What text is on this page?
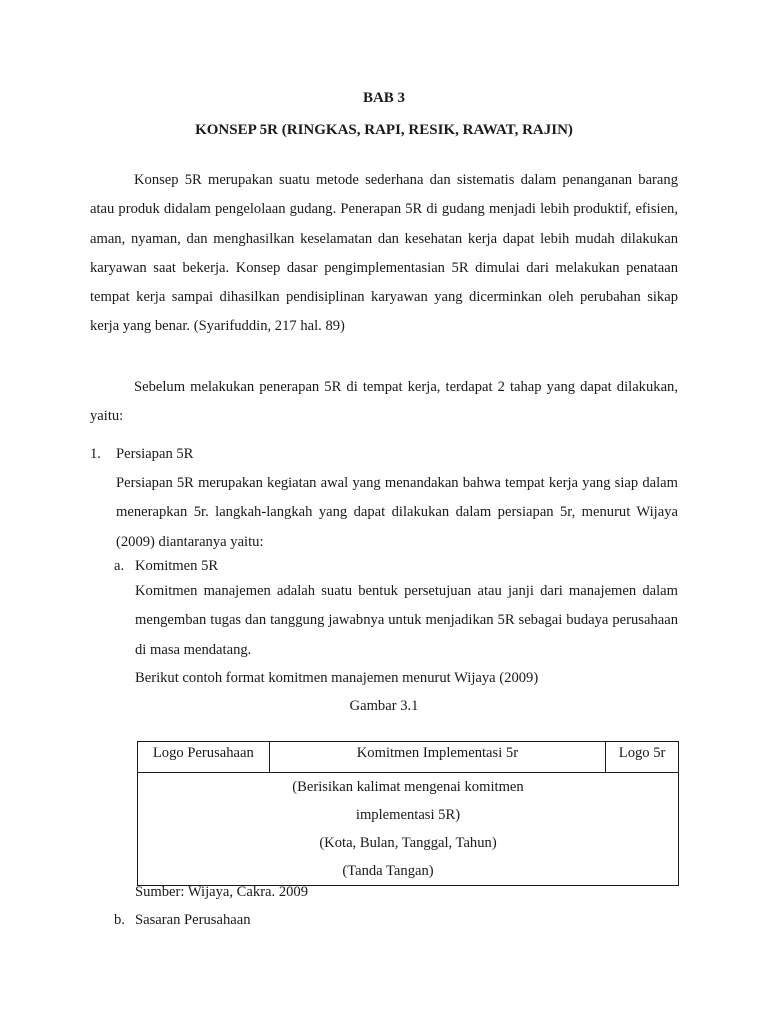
BAB 3
KONSEP 5R (RINGKAS, RAPI, RESIK, RAWAT, RAJIN)

Konsep 5R merupakan suatu metode sederhana dan sistematis dalam penanganan barang atau produk didalam pengelolaan gudang. Penerapan 5R di gudang menjadi lebih produktif, efisien, aman, nyaman, dan menghasilkan keselamatan dan kesehatan kerja dapat lebih mudah dilakukan karyawan saat bekerja. Konsep dasar pengimplementasian 5R dimulai dari melakukan penataan tempat kerja sampai dihasilkan pendisiplinan karyawan yang dicerminkan oleh perubahan sikap kerja yang benar. (Syarifuddin, 217 hal. 89)

Sebelum melakukan penerapan 5R di tempat kerja, terdapat 2 tahap yang dapat dilakukan, yaitu:

1. Persiapan 5R

Persiapan 5R merupakan kegiatan awal yang menandakan bahwa tempat kerja yang siap dalam menerapkan 5r. langkah-langkah yang dapat dilakukan dalam persiapan 5r, menurut Wijaya (2009) diantaranya yaitu:

a. Komitmen 5R

Komitmen manajemen adalah suatu bentuk persetujuan atau janji dari manajemen dalam mengemban tugas dan tanggung jawabnya untuk menjadikan 5R sebagai budaya perusahaan di masa mendatang.

Berikut contoh format komitmen manajemen menurut Wijaya (2009)
Gambar 3.1
Logo Perusahaan	Komitmen Implementasi 5r	Logo 5r

(Berisikan kalimat mengenai komitmen
implementasi 5R)
(Kota, Bulan, Tanggal, Tahun)
(Tanda Tangan)
Sumber: Wijaya, Cakra. 2009
b. Sasaran Perusahaan
